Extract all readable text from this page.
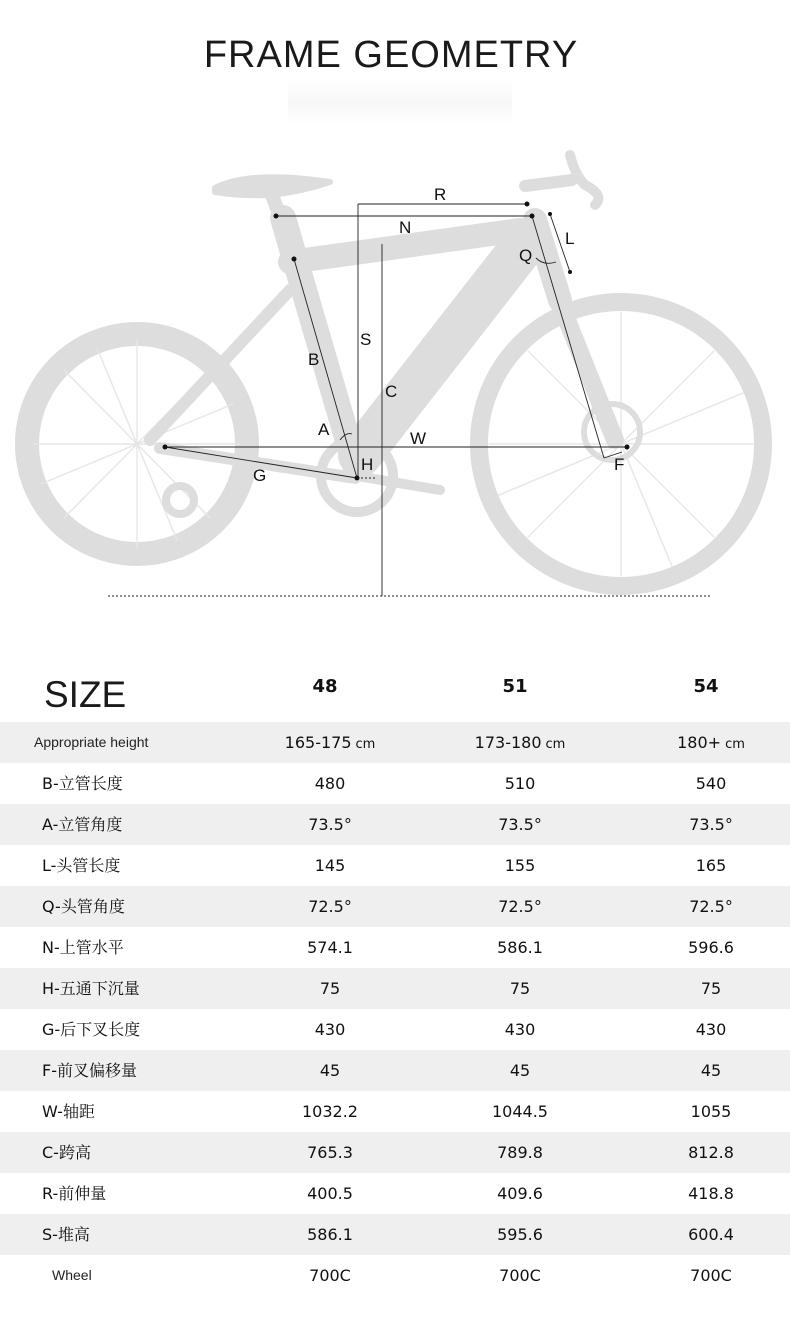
FRAME GEOMETRY
R
N
L
Q
S
B
C
A	W
H
G
F
SIZE	48	51	54
Appropriate height	165-175 cm	173-180 cm	180+ cm
B-立管长度	480	510	540
A-立管角度	73.5°	73.5°	73.5°
L-头管长度	145	155	165
Q-头管角度	72.5°	72.5°	72.5°
N-上管水平	574.1	586.1	596.6
H-五通下沉量	75	75	75
G-后下叉长度	430	430	430
F-前叉偏移量	45	45	45
W-轴距	1032.2	1044.5	1055
C-跨高	765.3	789.8	812.8
R-前伸量	400.5	409.6	418.8
S-堆高	586.1	595.6	600.4
Wheel	700C	700C	700C
